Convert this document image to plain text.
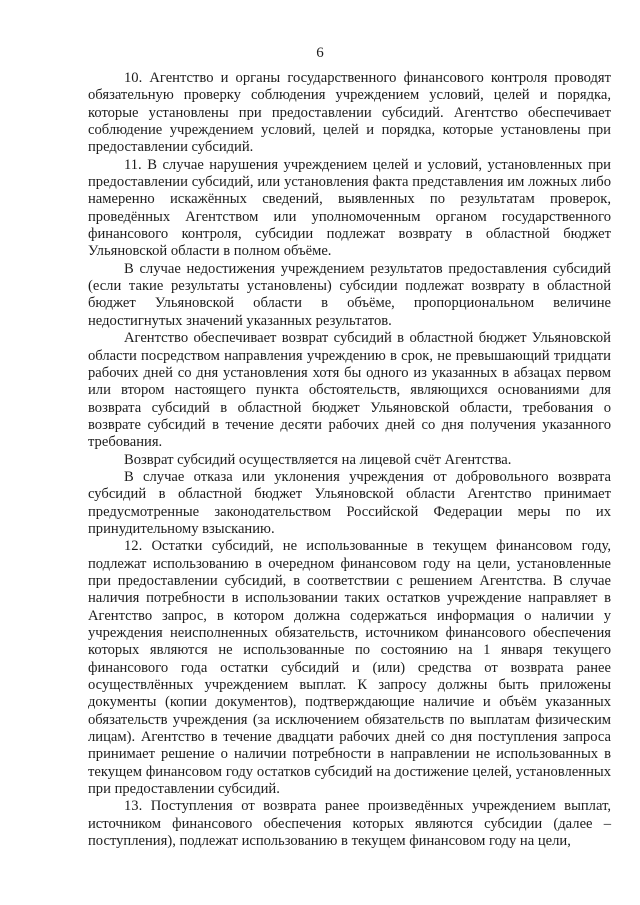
6

10. Агентство и органы государственного финансового контроля проводят обязательную проверку соблюдения учреждением условий, целей и порядка, которые установлены при предоставлении субсидий. Агентство обеспечивает соблюдение учреждением условий, целей и порядка, которые установлены при предоставлении субсидий.

11. В случае нарушения учреждением целей и условий, установленных при предоставлении субсидий, или установления факта представления им ложных либо намеренно искажённых сведений, выявленных по результатам проверок, проведённых Агентством или уполномоченным органом государственного финансового контроля, субсидии подлежат возврату в областной бюджет Ульяновской области в полном объёме.

В случае недостижения учреждением результатов предоставления субсидий (если такие результаты установлены) субсидии подлежат возврату в областной бюджет Ульяновской области в объёме, пропорциональном величине недостигнутых значений указанных результатов.

Агентство обеспечивает возврат субсидий в областной бюджет Ульяновской области посредством направления учреждению в срок, не превышающий тридцати рабочих дней со дня установления хотя бы одного из указанных в абзацах первом или втором настоящего пункта обстоятельств, являющихся основаниями для возврата субсидий в областной бюджет Ульяновской области, требования о возврате субсидий в течение десяти рабочих дней со дня получения указанного требования.

Возврат субсидий осуществляется на лицевой счёт Агентства.

В случае отказа или уклонения учреждения от добровольного возврата субсидий в областной бюджет Ульяновской области Агентство принимает предусмотренные законодательством Российской Федерации меры по их принудительному взысканию.

12. Остатки субсидий, не использованные в текущем финансовом году, подлежат использованию в очередном финансовом году на цели, установленные при предоставлении субсидий, в соответствии с решением Агентства. В случае наличия потребности в использовании таких остатков учреждение направляет в Агентство запрос, в котором должна содержаться информация о наличии у учреждения неисполненных обязательств, источником финансового обеспечения которых являются не использованные по состоянию на 1 января текущего финансового года остатки субсидий и (или) средства от возврата ранее осуществлённых учреждением выплат. К запросу должны быть приложены документы (копии документов), подтверждающие наличие и объём указанных обязательств учреждения (за исключением обязательств по выплатам физическим лицам). Агентство в течение двадцати рабочих дней со дня поступления запроса принимает решение о наличии потребности в направлении не использованных в текущем финансовом году остатков субсидий на достижение целей, установленных при предоставлении субсидий.

13. Поступления от возврата ранее произведённых учреждением выплат, источником финансового обеспечения которых являются субсидии (далее – поступления), подлежат использованию в текущем финансовом году на цели,
